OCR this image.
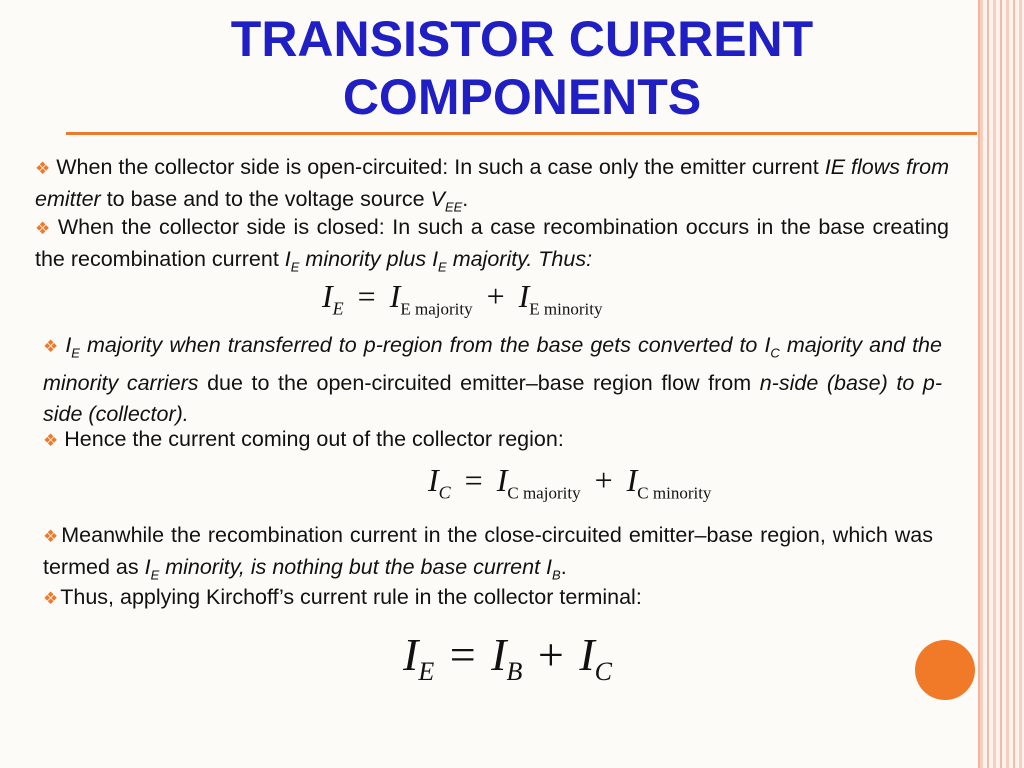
TRANSISTOR CURRENT COMPONENTS

❖ When the collector side is open-circuited: In such a case only the emitter current IE flows from emitter to base and to the voltage source $V_{EE}$.

❖ When the collector side is closed: In such a case recombination occurs in the base creating the recombination current $I_E$ minority plus $I_E$ majority. Thus:

$I_E = I_{E majority} + I_{E minority}$

❖ $I_E$ majority when transferred to p-region from the base gets converted to $I_C$ majority and the minority carriers due to the open-circuited emitter–base region flow from n-side (base) to p-side (collector).

❖ Hence the current coming out of the collector region:

$I_C = I_{C majority} + I_{C minority}$

❖Meanwhile the recombination current in the close-circuited emitter–base region, which was termed as $I_E$ minority, is nothing but the base current $I_B$.

❖Thus, applying Kirchoff’s current rule in the collector terminal:

$I_E = I_B + I_C$
